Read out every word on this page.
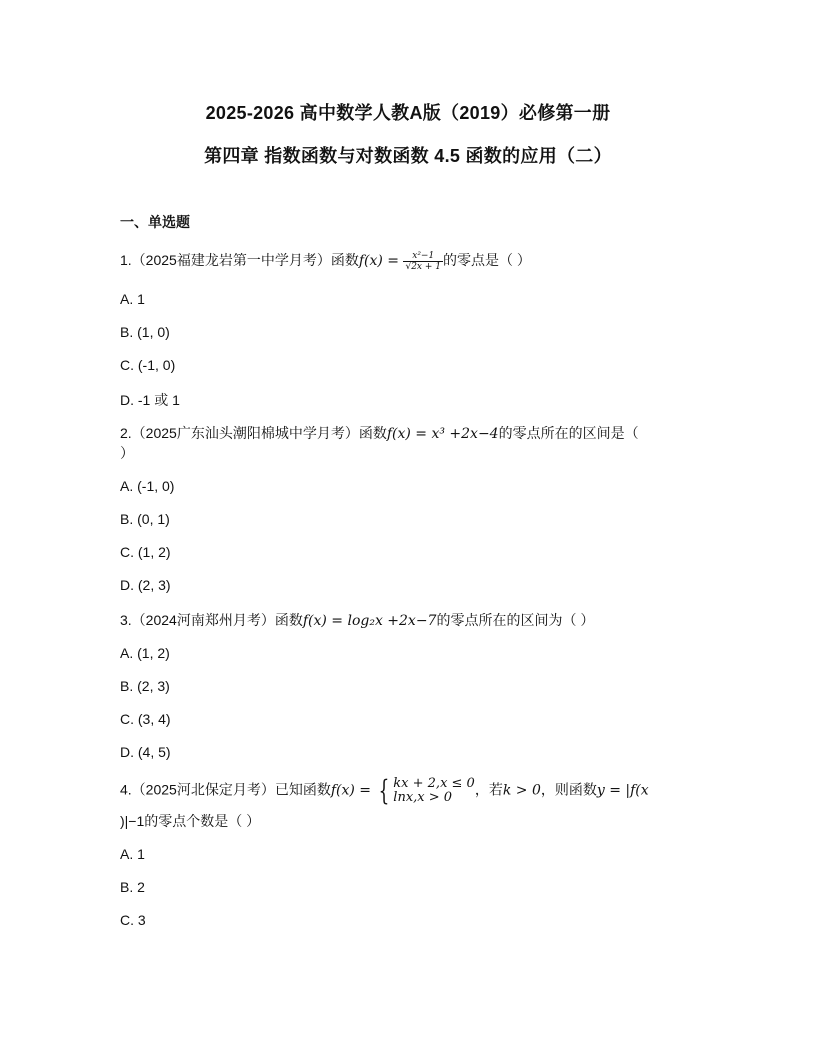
2025-2026 高中数学人教A版（2019）必修第一册
第四章 指数函数与对数函数 4.5 函数的应用（二）
一、单选题
1.（2025福建龙岩第一中学月考）函数$f(x) = \frac{\text{x²−1}}{√2x + 1}$ 的零点是（ ）
A. 1
B. (1, 0)
C. (-1, 0)
D. -1 或 1
2.（2025广东汕头潮阳棉城中学月考）函数f(x) = x³ +2x−4的零点所在的区间是（
）
A. (-1, 0)
B. (0, 1)
C. (1, 2)
D. (2, 3)
3.（2024河南郑州月考）函数f(x) = log₂x +2x−7的零点所在的区间为（ ）
A. (1, 2)
B. (2, 3)
C. (3, 4)
D. (4, 5)
4.（2025河北保定月考）已知函数f(x) = { kx + 2,x ≤ 0
lnx,x > 0	，若k > 0，则函数y = |f(x
)|−1的零点个数是（ ）
A. 1
B. 2
C. 3
